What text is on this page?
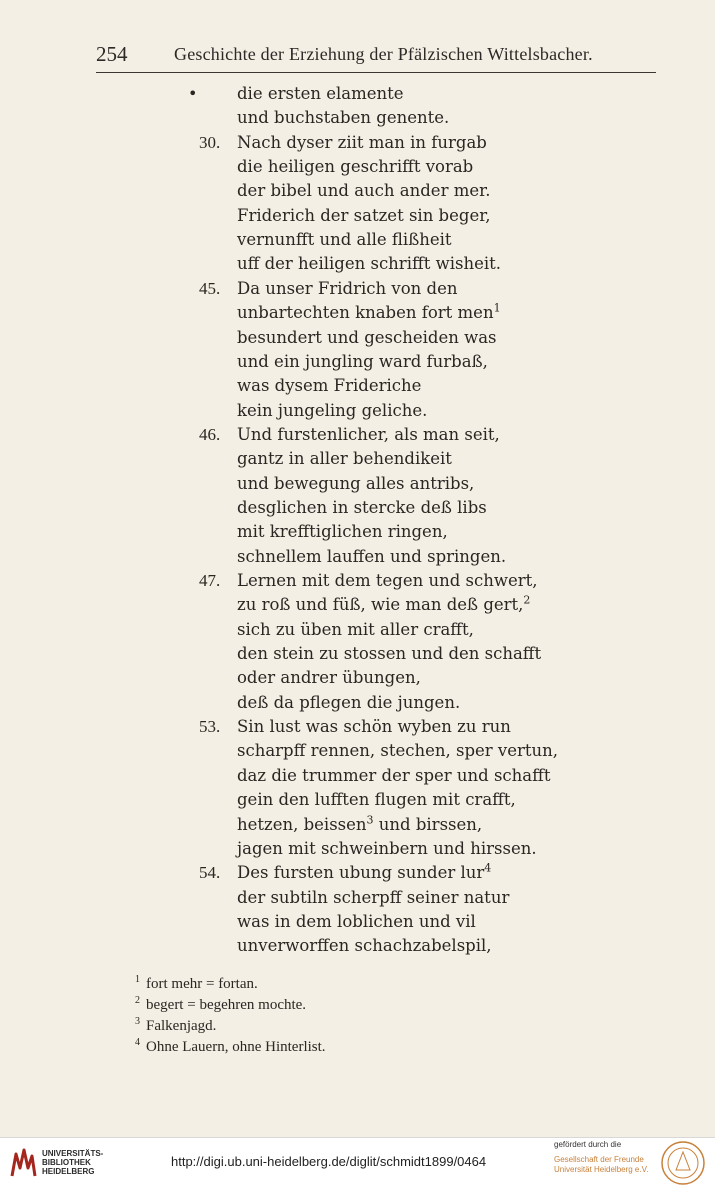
254	Geschichte der Erziehung der Pfälzischen Wittelsbacher.
• die ersten elamente
und buchstaben genente.
30. Nach dyser ziit man in furgab
die heiligen geschrifft vorab
der bibel und auch ander mer.
Friderich der satzet sin beger,
vernunfft und alle flißheit
uff der heiligen schrifft wisheit.
45. Da unser Fridrich von den
unbartechten knaben fort men$^1$
besundert und gescheiden was
und ein jungling ward furbaß,
was dysem Frideriche
kein jungeling geliche.
46. Und furstenlicher, als man seit,
gantz in aller behendikeit
und bewegung alles antribs,
desglichen in stercke deß libs
mit krefftiglichen ringen,
schnellem lauffen und springen.
47. Lernen mit dem tegen und schwert,
zu roß und füß, wie man deß gert,$^2$
sich zu üben mit aller crafft,
den stein zu stossen und den schafft
oder andrer übungen,
deß da pflegen die jungen.
53. Sin lust was schön wyben zu run
scharpff rennen, stechen, sper vertun,
daz die trummer der sper und schafft
gein den lufften flugen mit crafft,
hetzen, beissen$^3$ und birssen,
jagen mit schweinbern und hirssen.
54. Des fursten ubung sunder lur$^4$
der subtiln scherpff seiner natur
was in dem loblichen und vil
unverworffen schachzabelspil,
$^1$ fort mehr = fortan.
$^2$ begert = begehren mochte.
$^3$ Falkenjagd.
$^4$ Ohne Lauern, ohne Hinterlist.
UNIVERSITÄTS-
BIBLIOTHEK
HEIDELBERG
http://digi.ub.uni-heidelberg.de/diglit/schmidt1899/0464
gefördert durch die
Gesellschaft der Freunde
Universität Heidelberg e.V.
